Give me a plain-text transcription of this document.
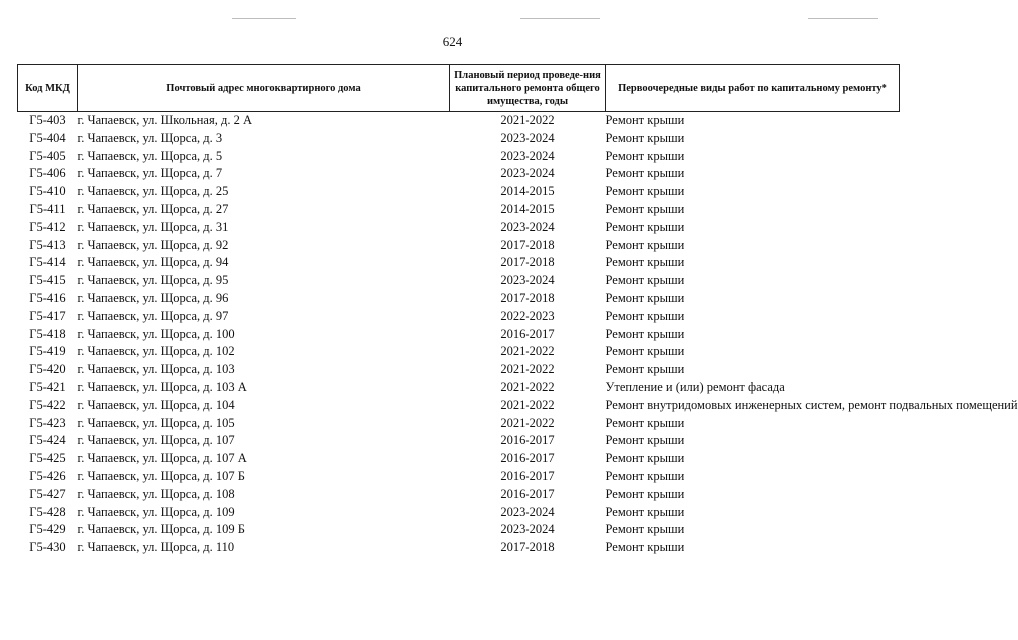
624
Код МКД	Почтовый адрес многоквартирного дома	Плановый период проведе-ния капитального ремонта общего имущества, годы	Первоочередные виды работ по капитальному ремонту*
Г5-403	г. Чапаевск, ул. Школьная, д. 2 А	2021-2022	Ремонт крыши
Г5-404	г. Чапаевск, ул. Щорса, д. 3	2023-2024	Ремонт крыши
Г5-405	г. Чапаевск, ул. Щорса, д. 5	2023-2024	Ремонт крыши
Г5-406	г. Чапаевск, ул. Щорса, д. 7	2023-2024	Ремонт крыши
Г5-410	г. Чапаевск, ул. Щорса, д. 25	2014-2015	Ремонт крыши
Г5-411	г. Чапаевск, ул. Щорса, д. 27	2014-2015	Ремонт крыши
Г5-412	г. Чапаевск, ул. Щорса, д. 31	2023-2024	Ремонт крыши
Г5-413	г. Чапаевск, ул. Щорса, д. 92	2017-2018	Ремонт крыши
Г5-414	г. Чапаевск, ул. Щорса, д. 94	2017-2018	Ремонт крыши
Г5-415	г. Чапаевск, ул. Щорса, д. 95	2023-2024	Ремонт крыши
Г5-416	г. Чапаевск, ул. Щорса, д. 96	2017-2018	Ремонт крыши
Г5-417	г. Чапаевск, ул. Щорса, д. 97	2022-2023	Ремонт крыши
Г5-418	г. Чапаевск, ул. Щорса, д. 100	2016-2017	Ремонт крыши
Г5-419	г. Чапаевск, ул. Щорса, д. 102	2021-2022	Ремонт крыши
Г5-420	г. Чапаевск, ул. Щорса, д. 103	2021-2022	Ремонт крыши
Г5-421	г. Чапаевск, ул. Щорса, д. 103 А	2021-2022	Утепление и (или) ремонт фасада
Г5-422	г. Чапаевск, ул. Щорса, д. 104	2021-2022	Ремонт внутридомовых инженерных систем, ремонт подвальных помещений
Г5-423	г. Чапаевск, ул. Щорса, д. 105	2021-2022	Ремонт крыши
Г5-424	г. Чапаевск, ул. Щорса, д. 107	2016-2017	Ремонт крыши
Г5-425	г. Чапаевск, ул. Щорса, д. 107 А	2016-2017	Ремонт крыши
Г5-426	г. Чапаевск, ул. Щорса, д. 107 Б	2016-2017	Ремонт крыши
Г5-427	г. Чапаевск, ул. Щорса, д. 108	2016-2017	Ремонт крыши
Г5-428	г. Чапаевск, ул. Щорса, д. 109	2023-2024	Ремонт крыши
Г5-429	г. Чапаевск, ул. Щорса, д. 109 Б	2023-2024	Ремонт крыши
Г5-430	г. Чапаевск, ул. Щорса, д. 110	2017-2018	Ремонт крыши
